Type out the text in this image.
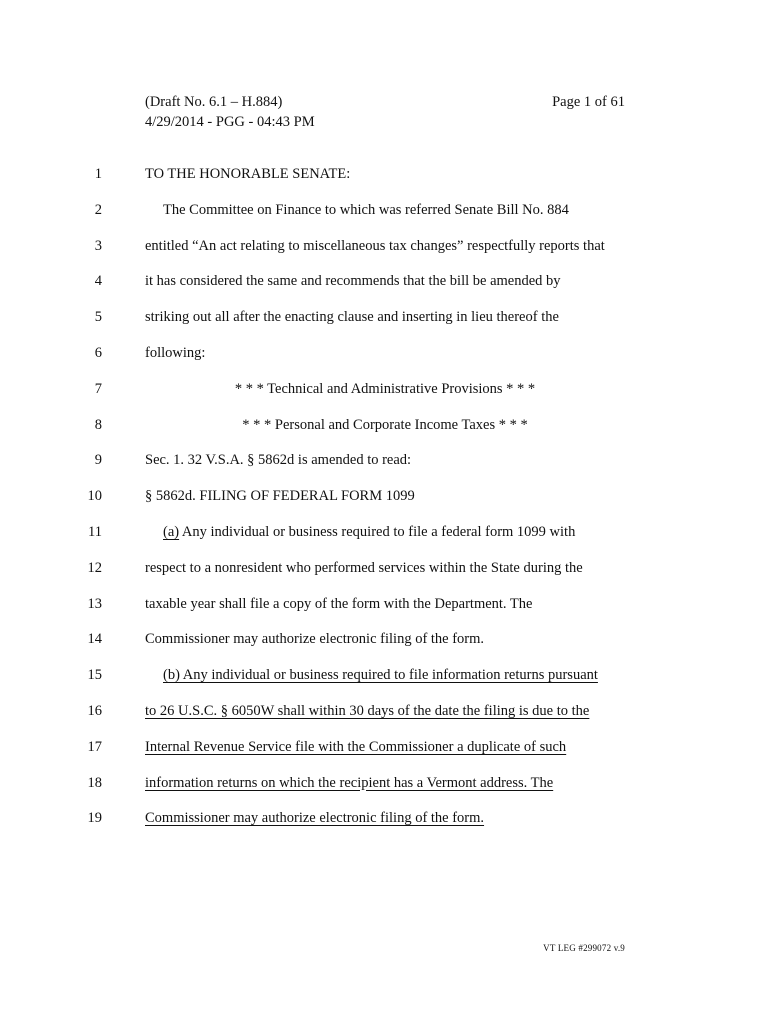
(Draft No. 6.1 – H.884)
4/29/2014 - PGG - 04:43 PM
Page 1 of 61
1	TO THE HONORABLE SENATE:
2	The Committee on Finance to which was referred Senate Bill No. 884
3	entitled “An act relating to miscellaneous tax changes” respectfully reports that
4	it has considered the same and recommends that the bill be amended by
5	striking out all after the enacting clause and inserting in lieu thereof the
6	following:
7	* * * Technical and Administrative Provisions * * *
8	* * * Personal and Corporate Income Taxes * * *
9	Sec. 1. 32 V.S.A. § 5862d is amended to read:
10	§ 5862d. FILING OF FEDERAL FORM 1099
11	(a) Any individual or business required to file a federal form 1099 with
12	respect to a nonresident who performed services within the State during the
13	taxable year shall file a copy of the form with the Department. The
14	Commissioner may authorize electronic filing of the form.
15	(b) Any individual or business required to file information returns pursuant
16	to 26 U.S.C. § 6050W shall within 30 days of the date the filing is due to the
17	Internal Revenue Service file with the Commissioner a duplicate of such
18	information returns on which the recipient has a Vermont address. The
19	Commissioner may authorize electronic filing of the form.
VT LEG #299072 v.9
